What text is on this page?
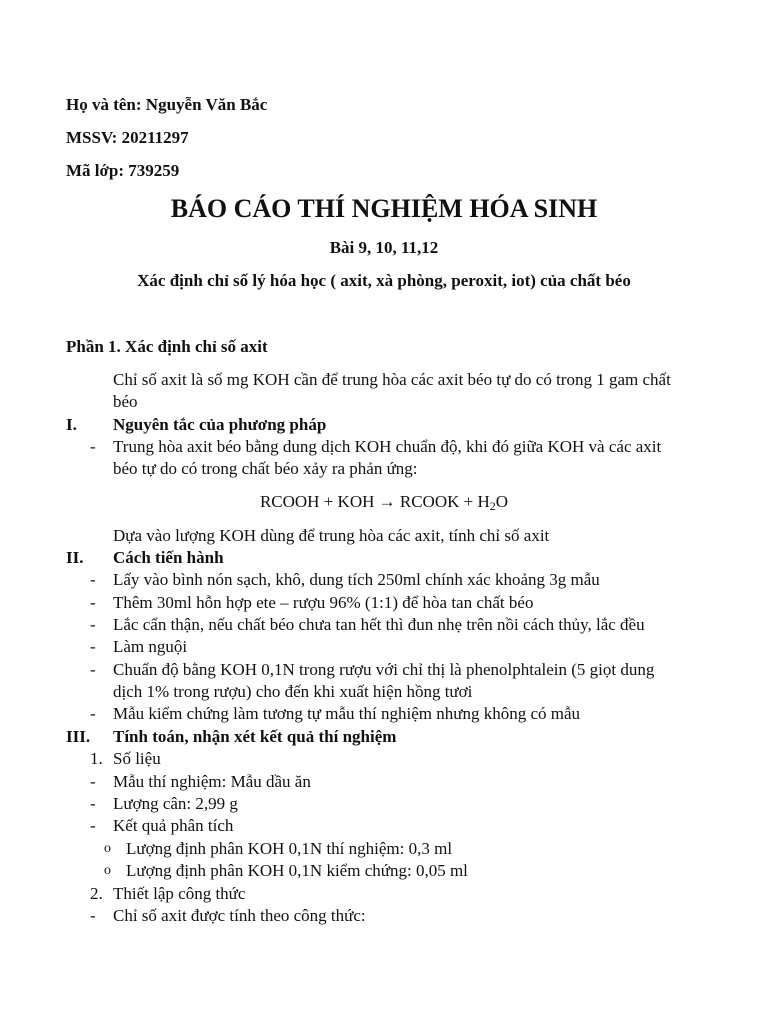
Họ và tên: Nguyễn Văn Bắc
MSSV: 20211297
Mã lớp: 739259
BÁO CÁO THÍ NGHIỆM HÓA SINH
Bài 9, 10, 11,12
Xác định chỉ số lý hóa học ( axit, xà phòng, peroxit, iot) của chất béo
Phần 1. Xác định chỉ số axit
Chỉ số axit là số mg KOH cần để trung hòa các axit béo tự do có trong 1 gam chất
béo
I. Nguyên tắc của phương pháp
- Trung hòa axit béo bằng dung dịch KOH chuẩn độ, khi đó giữa KOH và các axit
béo tự do có trong chất béo xảy ra phản ứng:
RCOOH + KOH → RCOOK + $H_2O$
Dựa vào lượng KOH dùng để trung hòa các axit, tính chỉ số axit
II. Cách tiến hành
- Lấy vào bình nón sạch, khô, dung tích 250ml chính xác khoảng 3g mẫu
- Thêm 30ml hỗn hợp ete – rượu 96% (1:1) để hòa tan chất béo
- Lắc cẩn thận, nếu chất béo chưa tan hết thì đun nhẹ trên nồi cách thủy, lắc đều
- Làm nguội
- Chuẩn độ bằng KOH 0,1N trong rượu với chỉ thị là phenolphtalein (5 giọt dung
dịch 1% trong rượu) cho đến khi xuất hiện hồng tươi
- Mẫu kiểm chứng làm tương tự mẫu thí nghiệm nhưng không có mẫu
III. Tính toán, nhận xét kết quả thí nghiệm
1. Số liệu
- Mẫu thí nghiệm: Mẫu dầu ăn
- Lượng cân: 2,99 g
- Kết quả phân tích
o Lượng định phân KOH 0,1N thí nghiệm: 0,3 ml
o Lượng định phân KOH 0,1N kiểm chứng: 0,05 ml
2. Thiết lập công thức
- Chỉ số axit được tính theo công thức:
